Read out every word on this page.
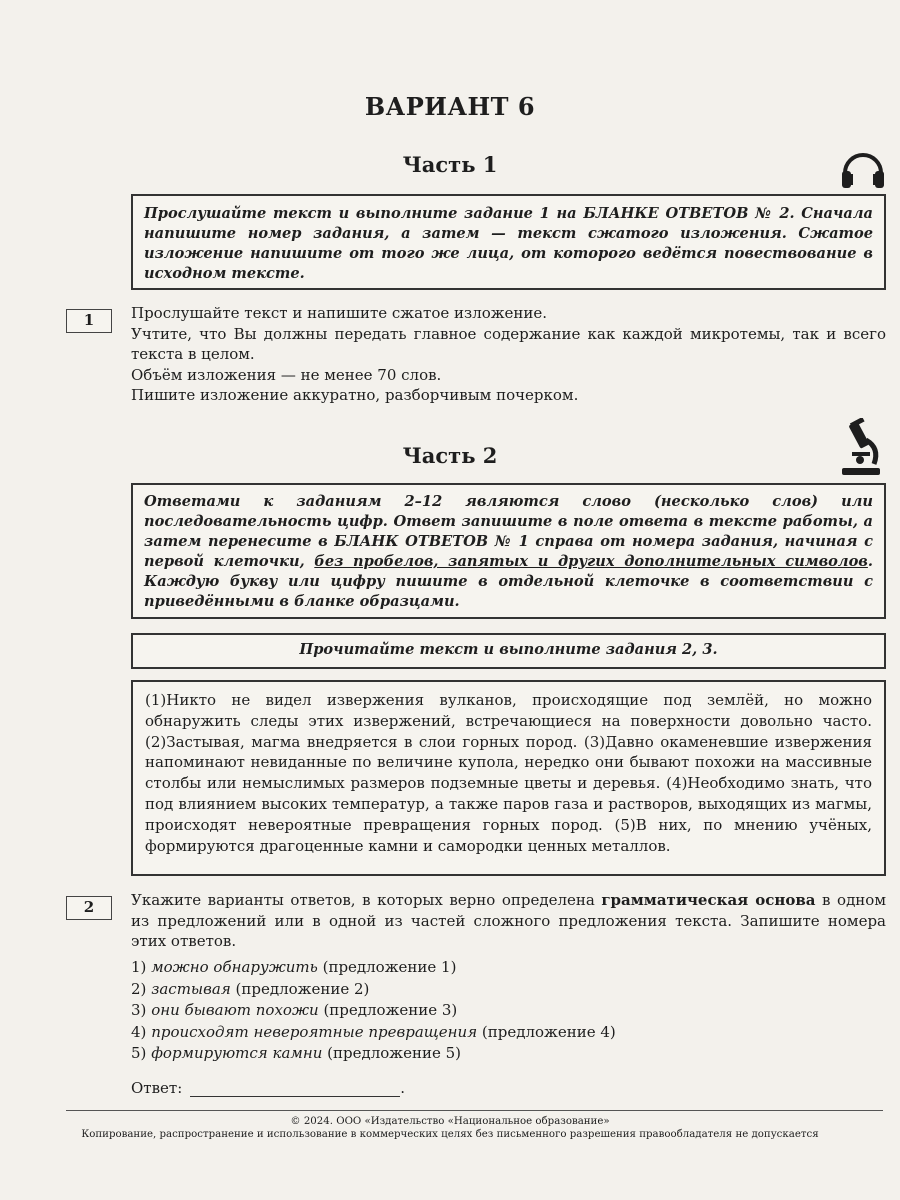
ВАРИАНТ 6
Часть 1
Прослушайте текст и выполните задание 1 на БЛАНКЕ ОТВЕТОВ № 2. Сначала напишите номер задания, а затем — текст сжатого изложения. Сжатое изложение напишите от того же лица, от которого ведётся повествование в исходном тексте.
1	Прослушайте текст и напишите сжатое изложение.
Учтите, что Вы должны передать главное содержание как каждой микротемы, так и всего текста в целом.
Объём изложения — не менее 70 слов.
Пишите изложение аккуратно, разборчивым почерком.
Часть 2
Ответами к заданиям 2–12 являются слово (несколько слов) или последовательность цифр. Ответ запишите в поле ответа в тексте работы, а затем перенесите в БЛАНК ОТВЕТОВ № 1 справа от номера задания, начиная с первой клеточки, без пробелов, запятых и других дополнительных символов. Каждую букву или цифру пишите в отдельной клеточке в соответствии с приведёнными в бланке образцами.
Прочитайте текст и выполните задания 2, 3.
(1)Никто не видел извержения вулканов, происходящие под землёй, но можно обнаружить следы этих извержений, встречающиеся на поверхности довольно часто. (2)Застывая, магма внедряется в слои горных пород. (3)Давно окаменевшие извержения напоминают невиданные по величине купола, нередко они бывают похожи на массивные столбы или немыслимых размеров подземные цветы и деревья. (4)Необходимо знать, что под влиянием высоких температур, а также паров газа и растворов, выходящих из магмы, происходят невероятные превращения горных пород. (5)В них, по мнению учёных, формируются драгоценные камни и самородки ценных металлов.
2	Укажите варианты ответов, в которых верно определена грамматическая основа в одном из предложений или в одной из частей сложного предложения текста. Запишите номера этих ответов.
1) можно обнаружить (предложение 1)
2) застывая (предложение 2)
3) они бывают похожи (предложение 3)
4) происходят невероятные превращения (предложение 4)
5) формируются камни (предложение 5)
Ответ:	.
© 2024. ООО «Издательство «Национальное образование»
Копирование, распространение и использование в коммерческих целях без письменного разрешения правообладателя не допускается
